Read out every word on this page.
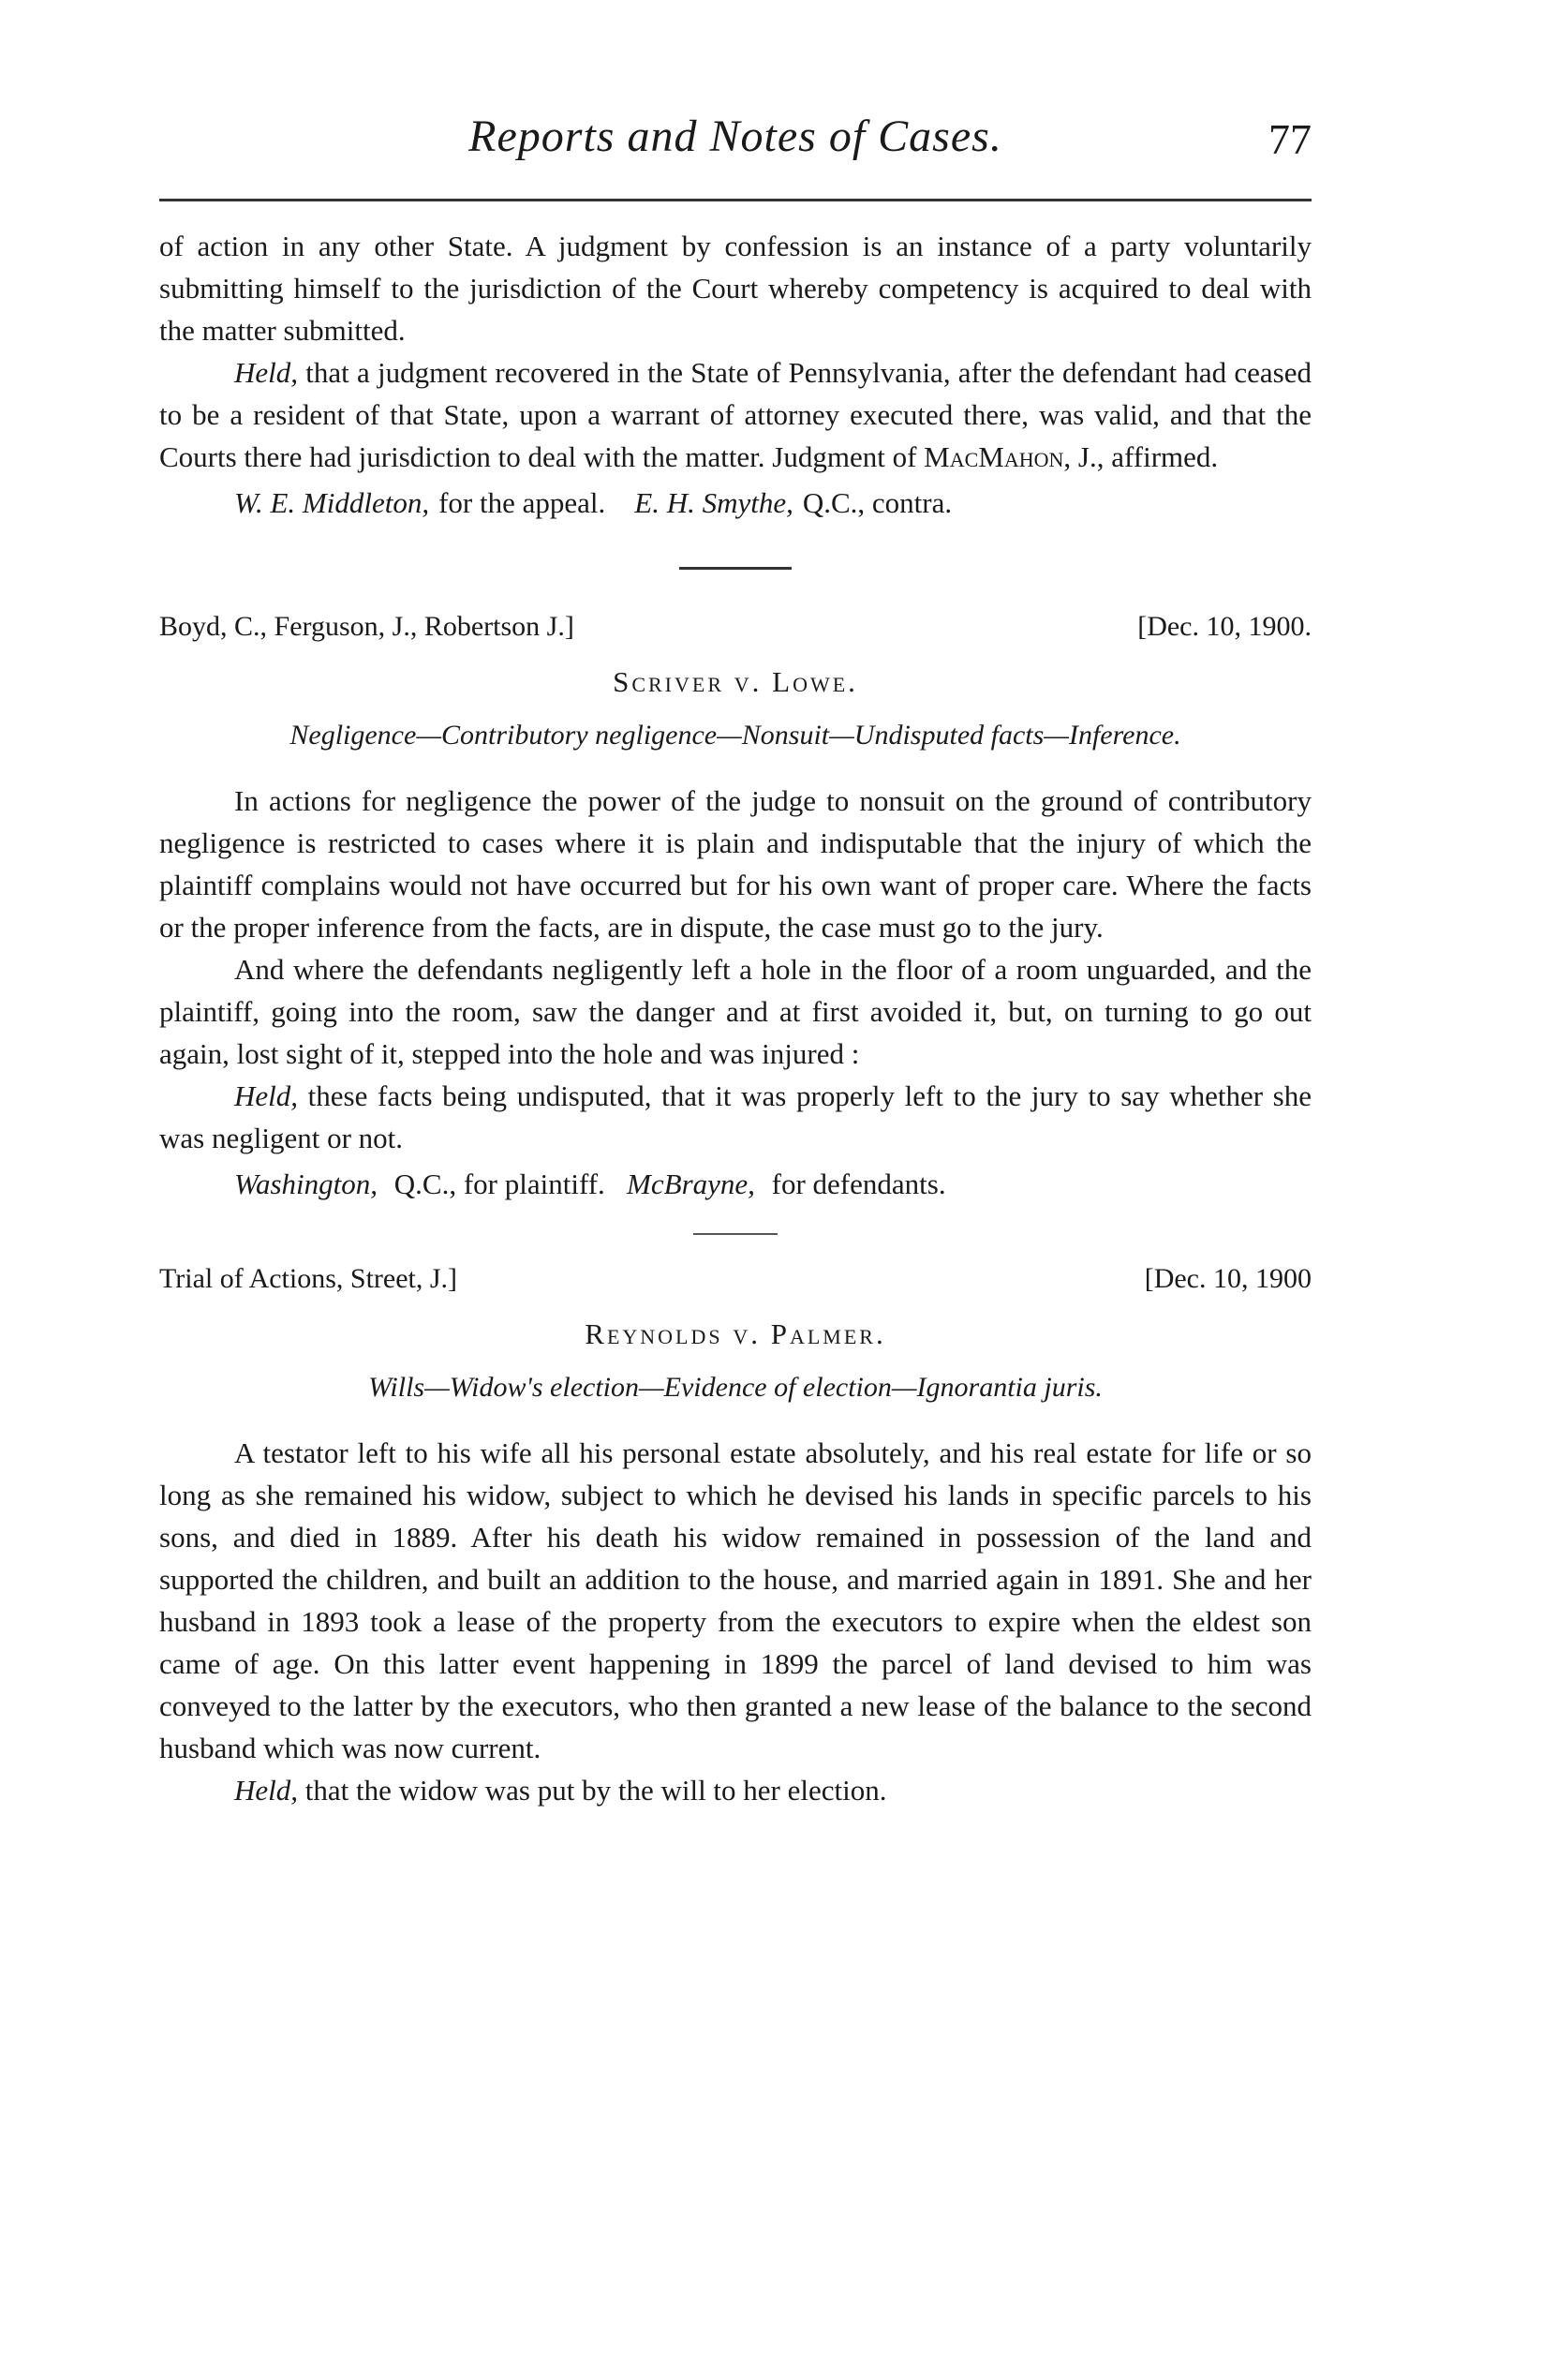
Reports and Notes of Cases.	77

of action in any other State. A judgment by confession is an instance of a party voluntarily submitting himself to the jurisdiction of the Court whereby competency is acquired to deal with the matter submitted.

Held, that a judgment recovered in the State of Pennsylvania, after the defendant had ceased to be a resident of that State, upon a warrant of attorney executed there, was valid, and that the Courts there had jurisdiction to deal with the matter. Judgment of MacMahon, J., affirmed.

W. E. Middleton, for the appeal. E. H. Smythe, Q.C., contra.

Boyd, C., Ferguson, J., Robertson J.]	[Dec. 10, 1900.
Scriver v. Lowe.
Negligence—Contributory negligence—Nonsuit—Undisputed facts—Inference.

In actions for negligence the power of the judge to nonsuit on the ground of contributory negligence is restricted to cases where it is plain and indisputable that the injury of which the plaintiff complains would not have occurred but for his own want of proper care. Where the facts or the proper inference from the facts, are in dispute, the case must go to the jury.

And where the defendants negligently left a hole in the floor of a room unguarded, and the plaintiff, going into the room, saw the danger and at first avoided it, but, on turning to go out again, lost sight of it, stepped into the hole and was injured :

Held, these facts being undisputed, that it was properly left to the jury to say whether she was negligent or not.

Washington, Q.C., for plaintiff. McBrayne, for defendants.

Trial of Actions, Street, J.]	[Dec. 10, 1900
Reynolds v. Palmer.
Wills—Widow's election—Evidence of election—Ignorantia juris.

A testator left to his wife all his personal estate absolutely, and his real estate for life or so long as she remained his widow, subject to which he devised his lands in specific parcels to his sons, and died in 1889. After his death his widow remained in possession of the land and supported the children, and built an addition to the house, and married again in 1891. She and her husband in 1893 took a lease of the property from the executors to expire when the eldest son came of age. On this latter event happening in 1899 the parcel of land devised to him was conveyed to the latter by the executors, who then granted a new lease of the balance to the second husband which was now current.

Held, that the widow was put by the will to her election.
